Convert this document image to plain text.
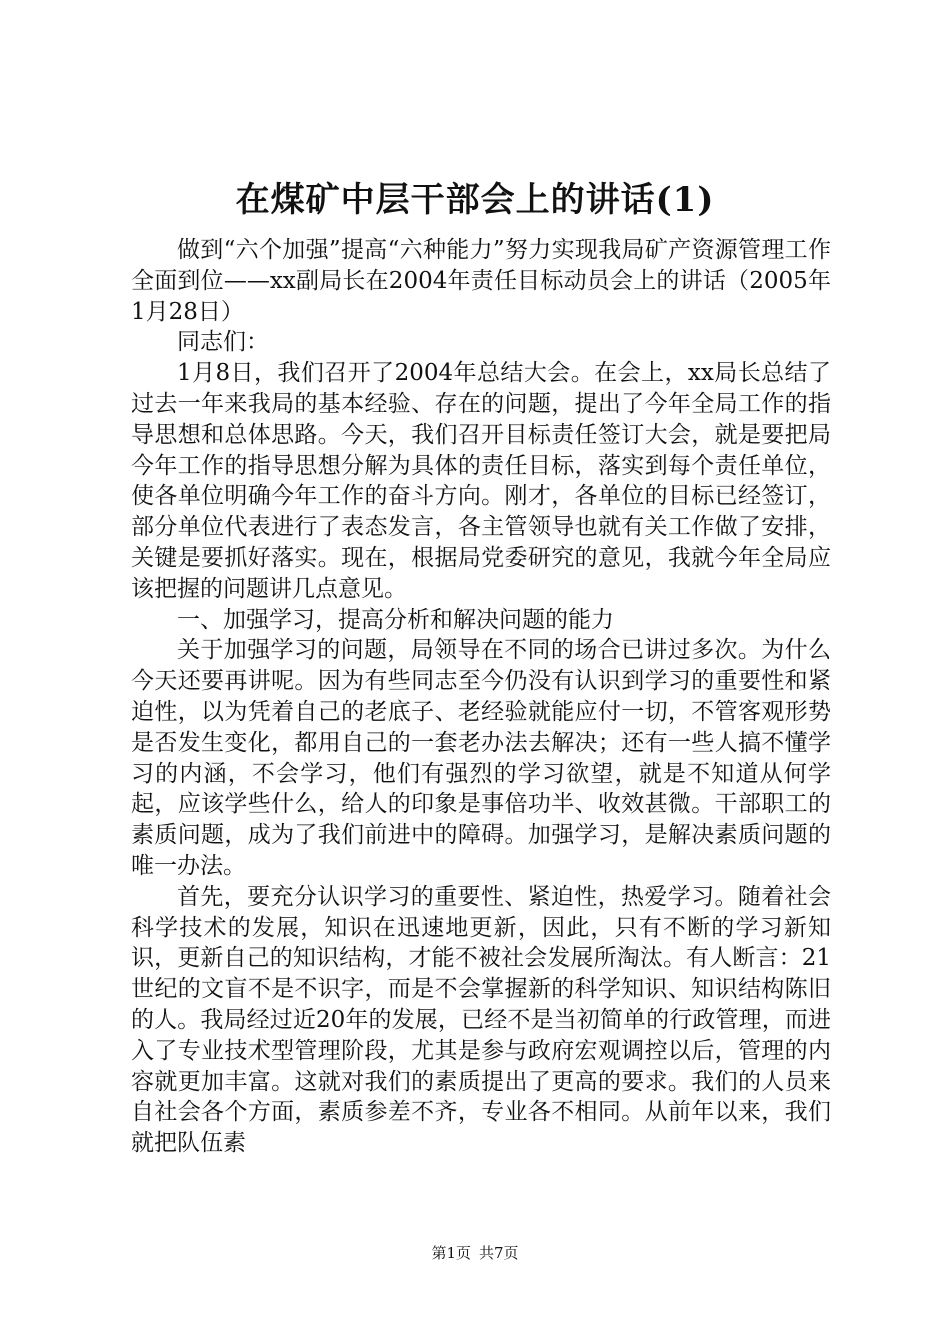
在煤矿中层干部会上的讲话(1)

做到“六个加强”提高“六种能力”努力实现我局矿产资源管理工作全面到位——xx副局长在2004年责任目标动员会上的讲话（2005年1月28日）

同志们：

1月8日，我们召开了2004年总结大会。在会上，xx局长总结了过去一年来我局的基本经验、存在的问题，提出了今年全局工作的指导思想和总体思路。今天，我们召开目标责任签订大会，就是要把局今年工作的指导思想分解为具体的责任目标，落实到每个责任单位，使各单位明确今年工作的奋斗方向。刚才，各单位的目标已经签订，部分单位代表进行了表态发言，各主管领导也就有关工作做了安排，关键是要抓好落实。现在，根据局党委研究的意见，我就今年全局应该把握的问题讲几点意见。

一、加强学习，提高分析和解决问题的能力

关于加强学习的问题，局领导在不同的场合已讲过多次。为什么今天还要再讲呢。因为有些同志至今仍没有认识到学习的重要性和紧迫性，以为凭着自己的老底子、老经验就能应付一切，不管客观形势是否发生变化，都用自己的一套老办法去解决；还有一些人搞不懂学习的内涵，不会学习，他们有强烈的学习欲望，就是不知道从何学起，应该学些什么，给人的印象是事倍功半、收效甚微。干部职工的素质问题，成为了我们前进中的障碍。加强学习，是解决素质问题的唯一办法。

首先，要充分认识学习的重要性、紧迫性，热爱学习。随着社会科学技术的发展，知识在迅速地更新，因此，只有不断的学习新知识，更新自己的知识结构，才能不被社会发展所淘汰。有人断言：21世纪的文盲不是不识字，而是不会掌握新的科学知识、知识结构陈旧的人。我局经过近20年的发展，已经不是当初简单的行政管理，而进入了专业技术型管理阶段，尤其是参与政府宏观调控以后，管理的内容就更加丰富。这就对我们的素质提出了更高的要求。我们的人员来自社会各个方面，素质参差不齐，专业各不相同。从前年以来，我们就把队伍素

第1页 共7页
